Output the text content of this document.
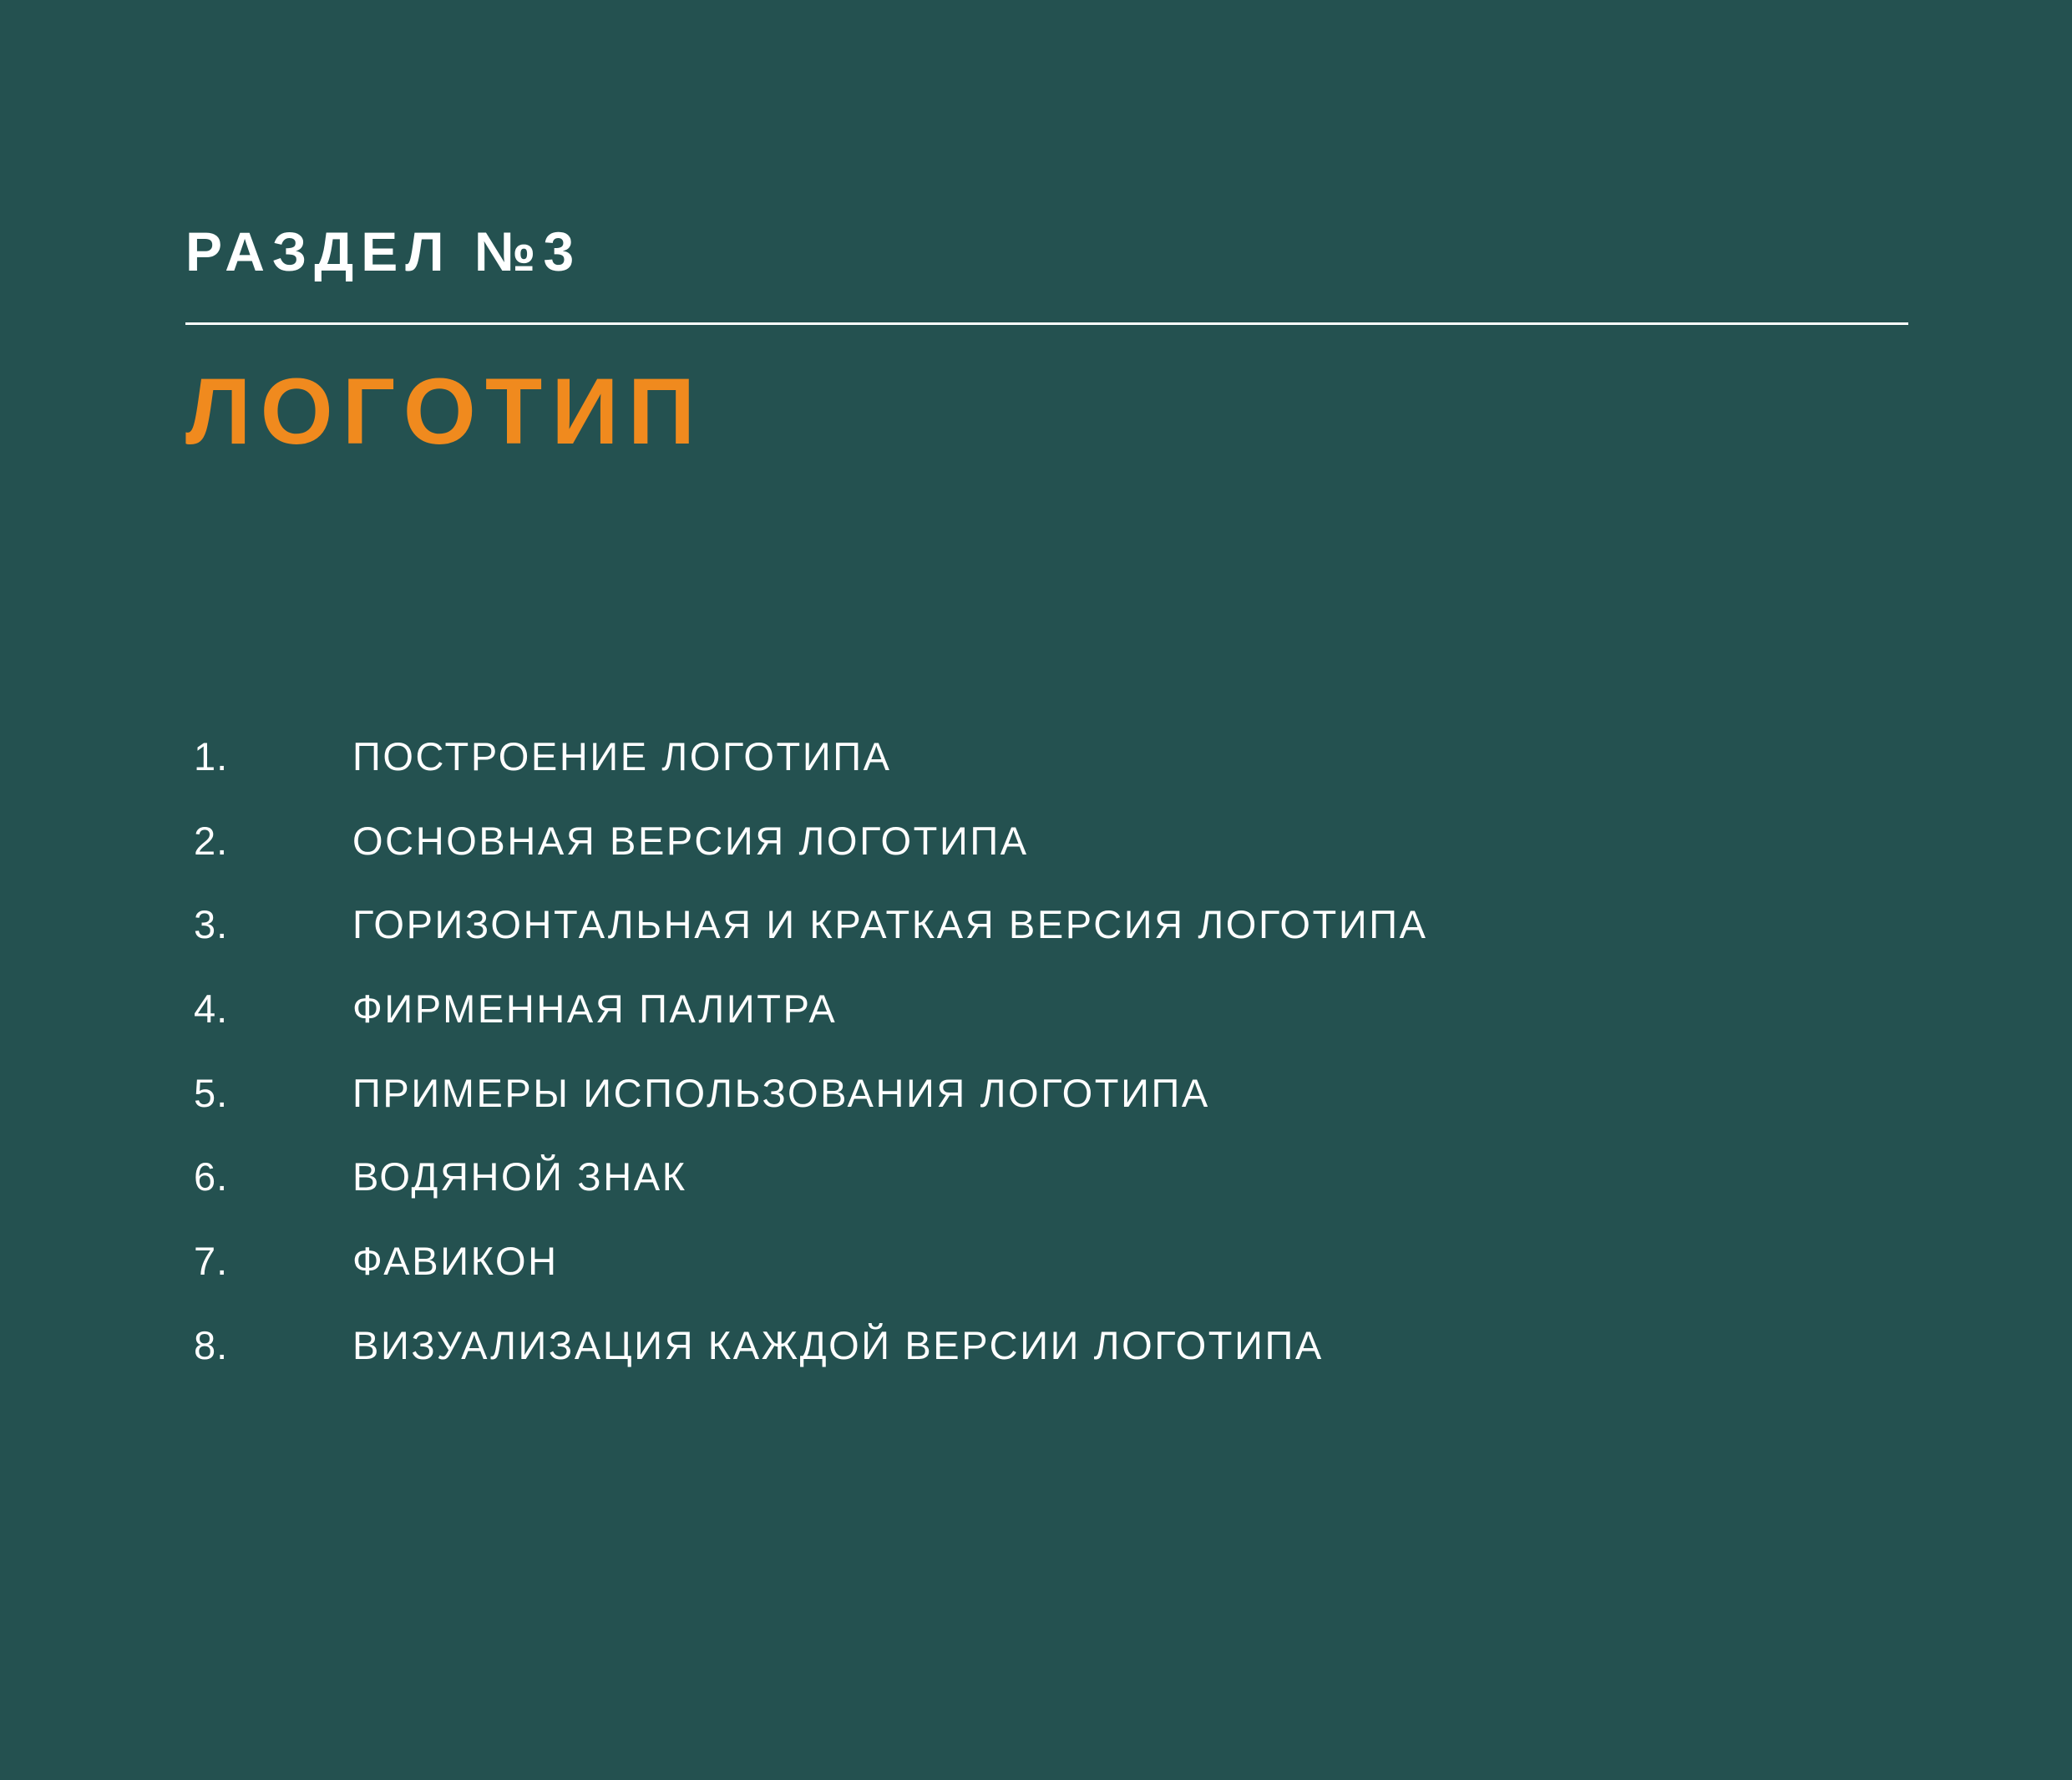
РАЗДЕЛ №3
ЛОГОТИП
1.	ПОСТРОЕНИЕ ЛОГОТИПА
2.	ОСНОВНАЯ ВЕРСИЯ ЛОГОТИПА
3.	ГОРИЗОНТАЛЬНАЯ И КРАТКАЯ ВЕРСИЯ ЛОГОТИПА
4.	ФИРМЕННАЯ ПАЛИТРА
5.	ПРИМЕРЫ ИСПОЛЬЗОВАНИЯ ЛОГОТИПА
6.	ВОДЯНОЙ ЗНАК
7.	ФАВИКОН
8.	ВИЗУАЛИЗАЦИЯ КАЖДОЙ ВЕРСИИ ЛОГОТИПА
